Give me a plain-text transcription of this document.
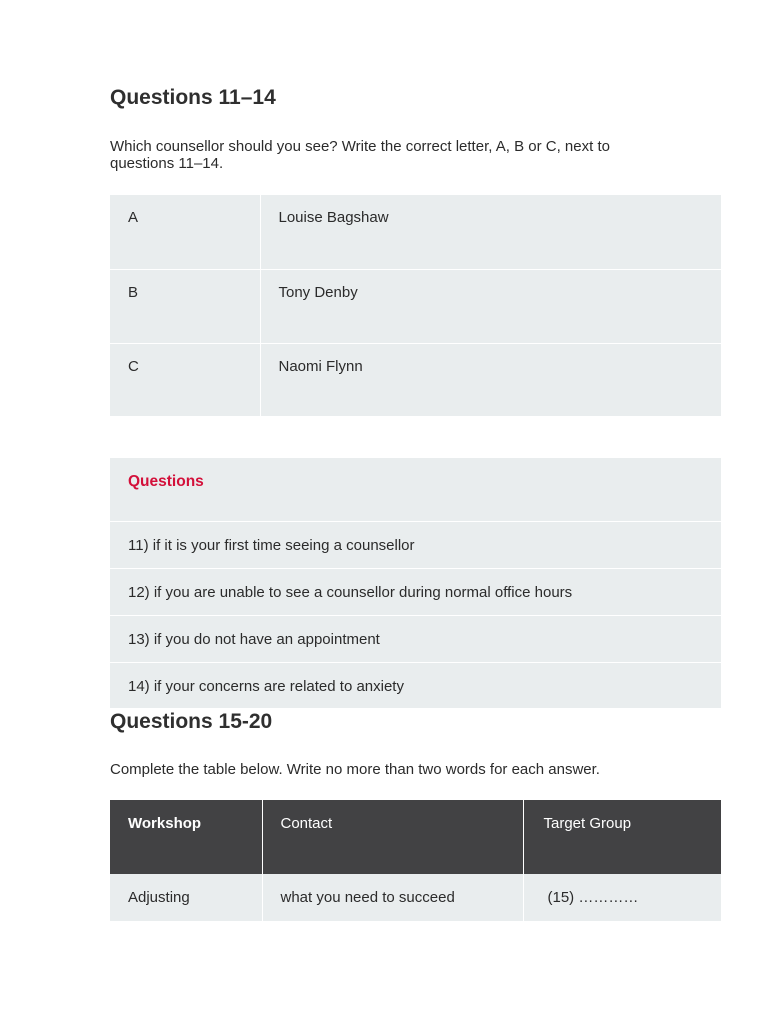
Questions 11–14

Which counsellor should you see? Write the correct letter, A, B or C, next to questions 11–14.

A	Louise Bagshaw
B	Tony Denby
C	Naomi Flynn
Questions
11) if it is your first time seeing a counsellor
12) if you are unable to see a counsellor during normal office hours
13) if you do not have an appointment
14) if your concerns are related to anxiety
Questions 15-20

Complete the table below. Write no more than two words for each answer.

Workshop	Contact	Target Group
Adjusting	what you need to succeed	(15) …………
